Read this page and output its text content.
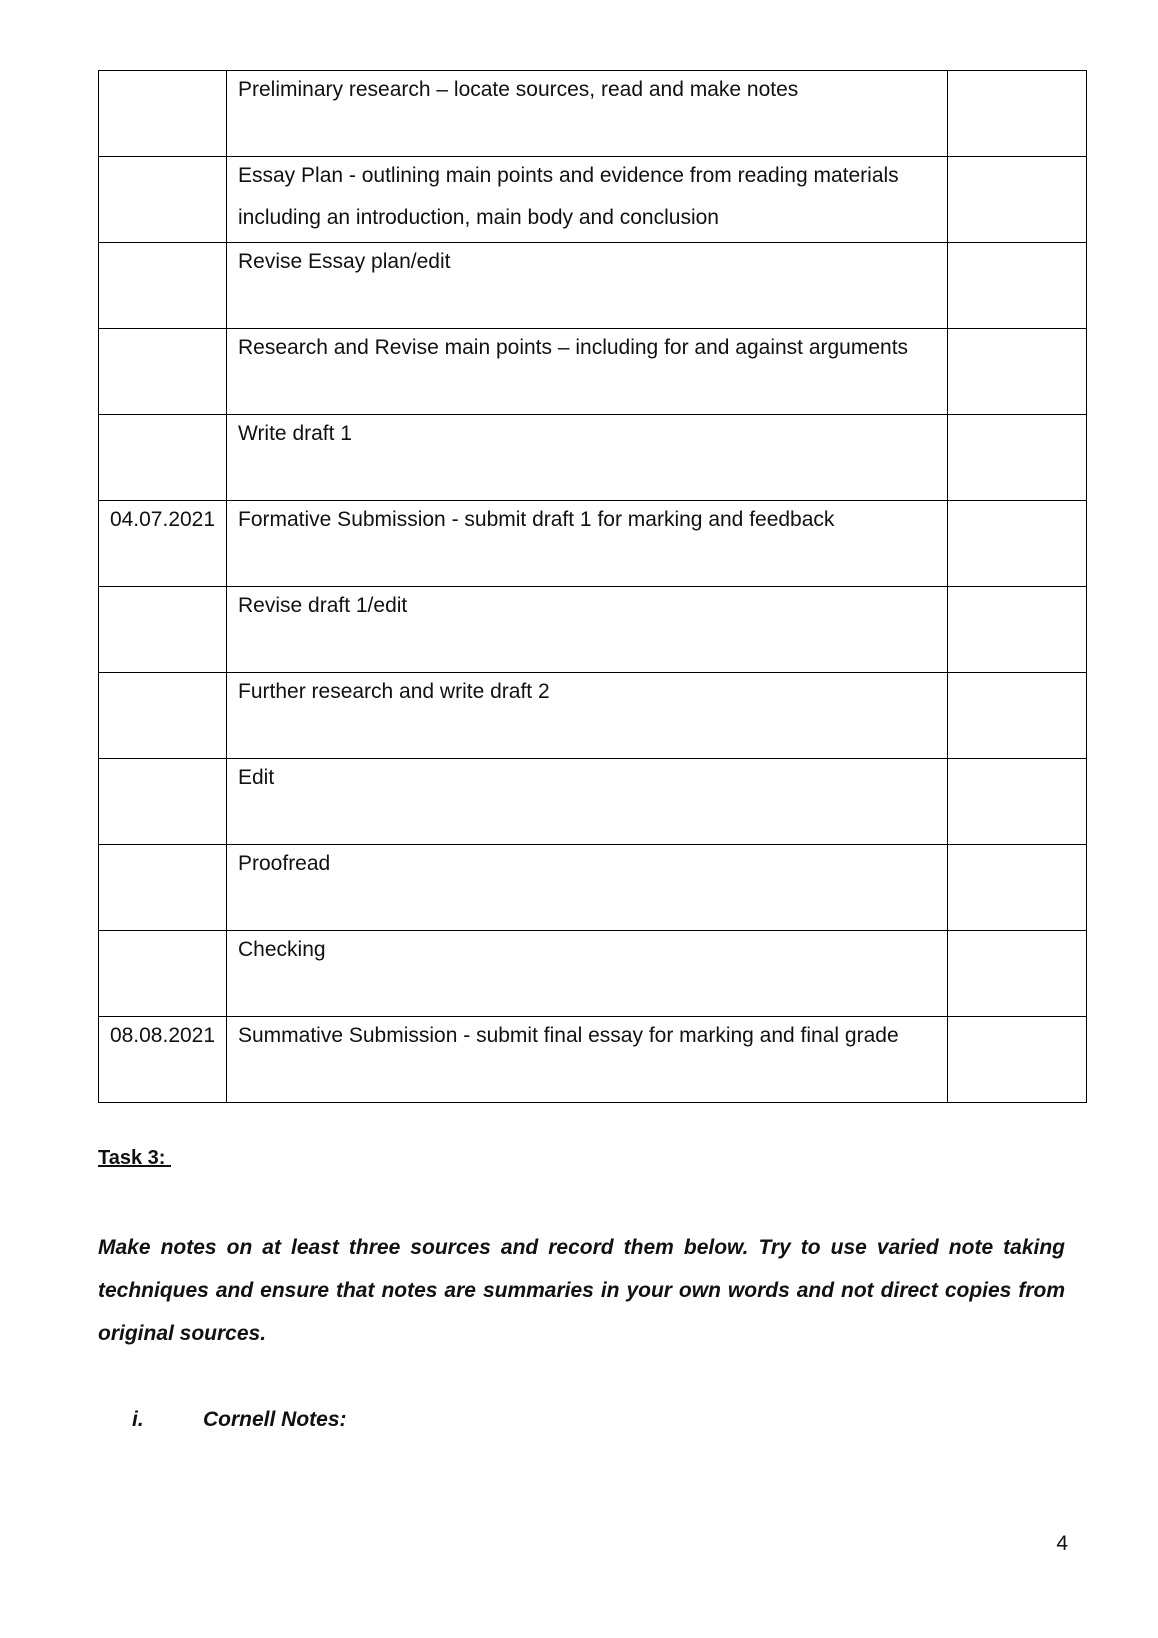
	Preliminary research – locate sources, read and make notes	

	Essay Plan - outlining main points and evidence from reading materials
including an introduction, main body and conclusion	

	Revise Essay plan/edit	

	Research and Revise main points – including for and against arguments	

	Write draft 1	

04.07.2021	Formative Submission - submit draft 1 for marking and feedback	

	Revise draft 1/edit	

	Further research and write draft 2	

	Edit	

	Proofread	

	Checking	

08.08.2021	Summative Submission - submit final essay for marking and final grade	

Task 3:
Make notes on at least three sources and record them below. Try to use varied note taking techniques and ensure that notes are summaries in your own words and not direct copies from original sources.
i.	Cornell Notes:
4
